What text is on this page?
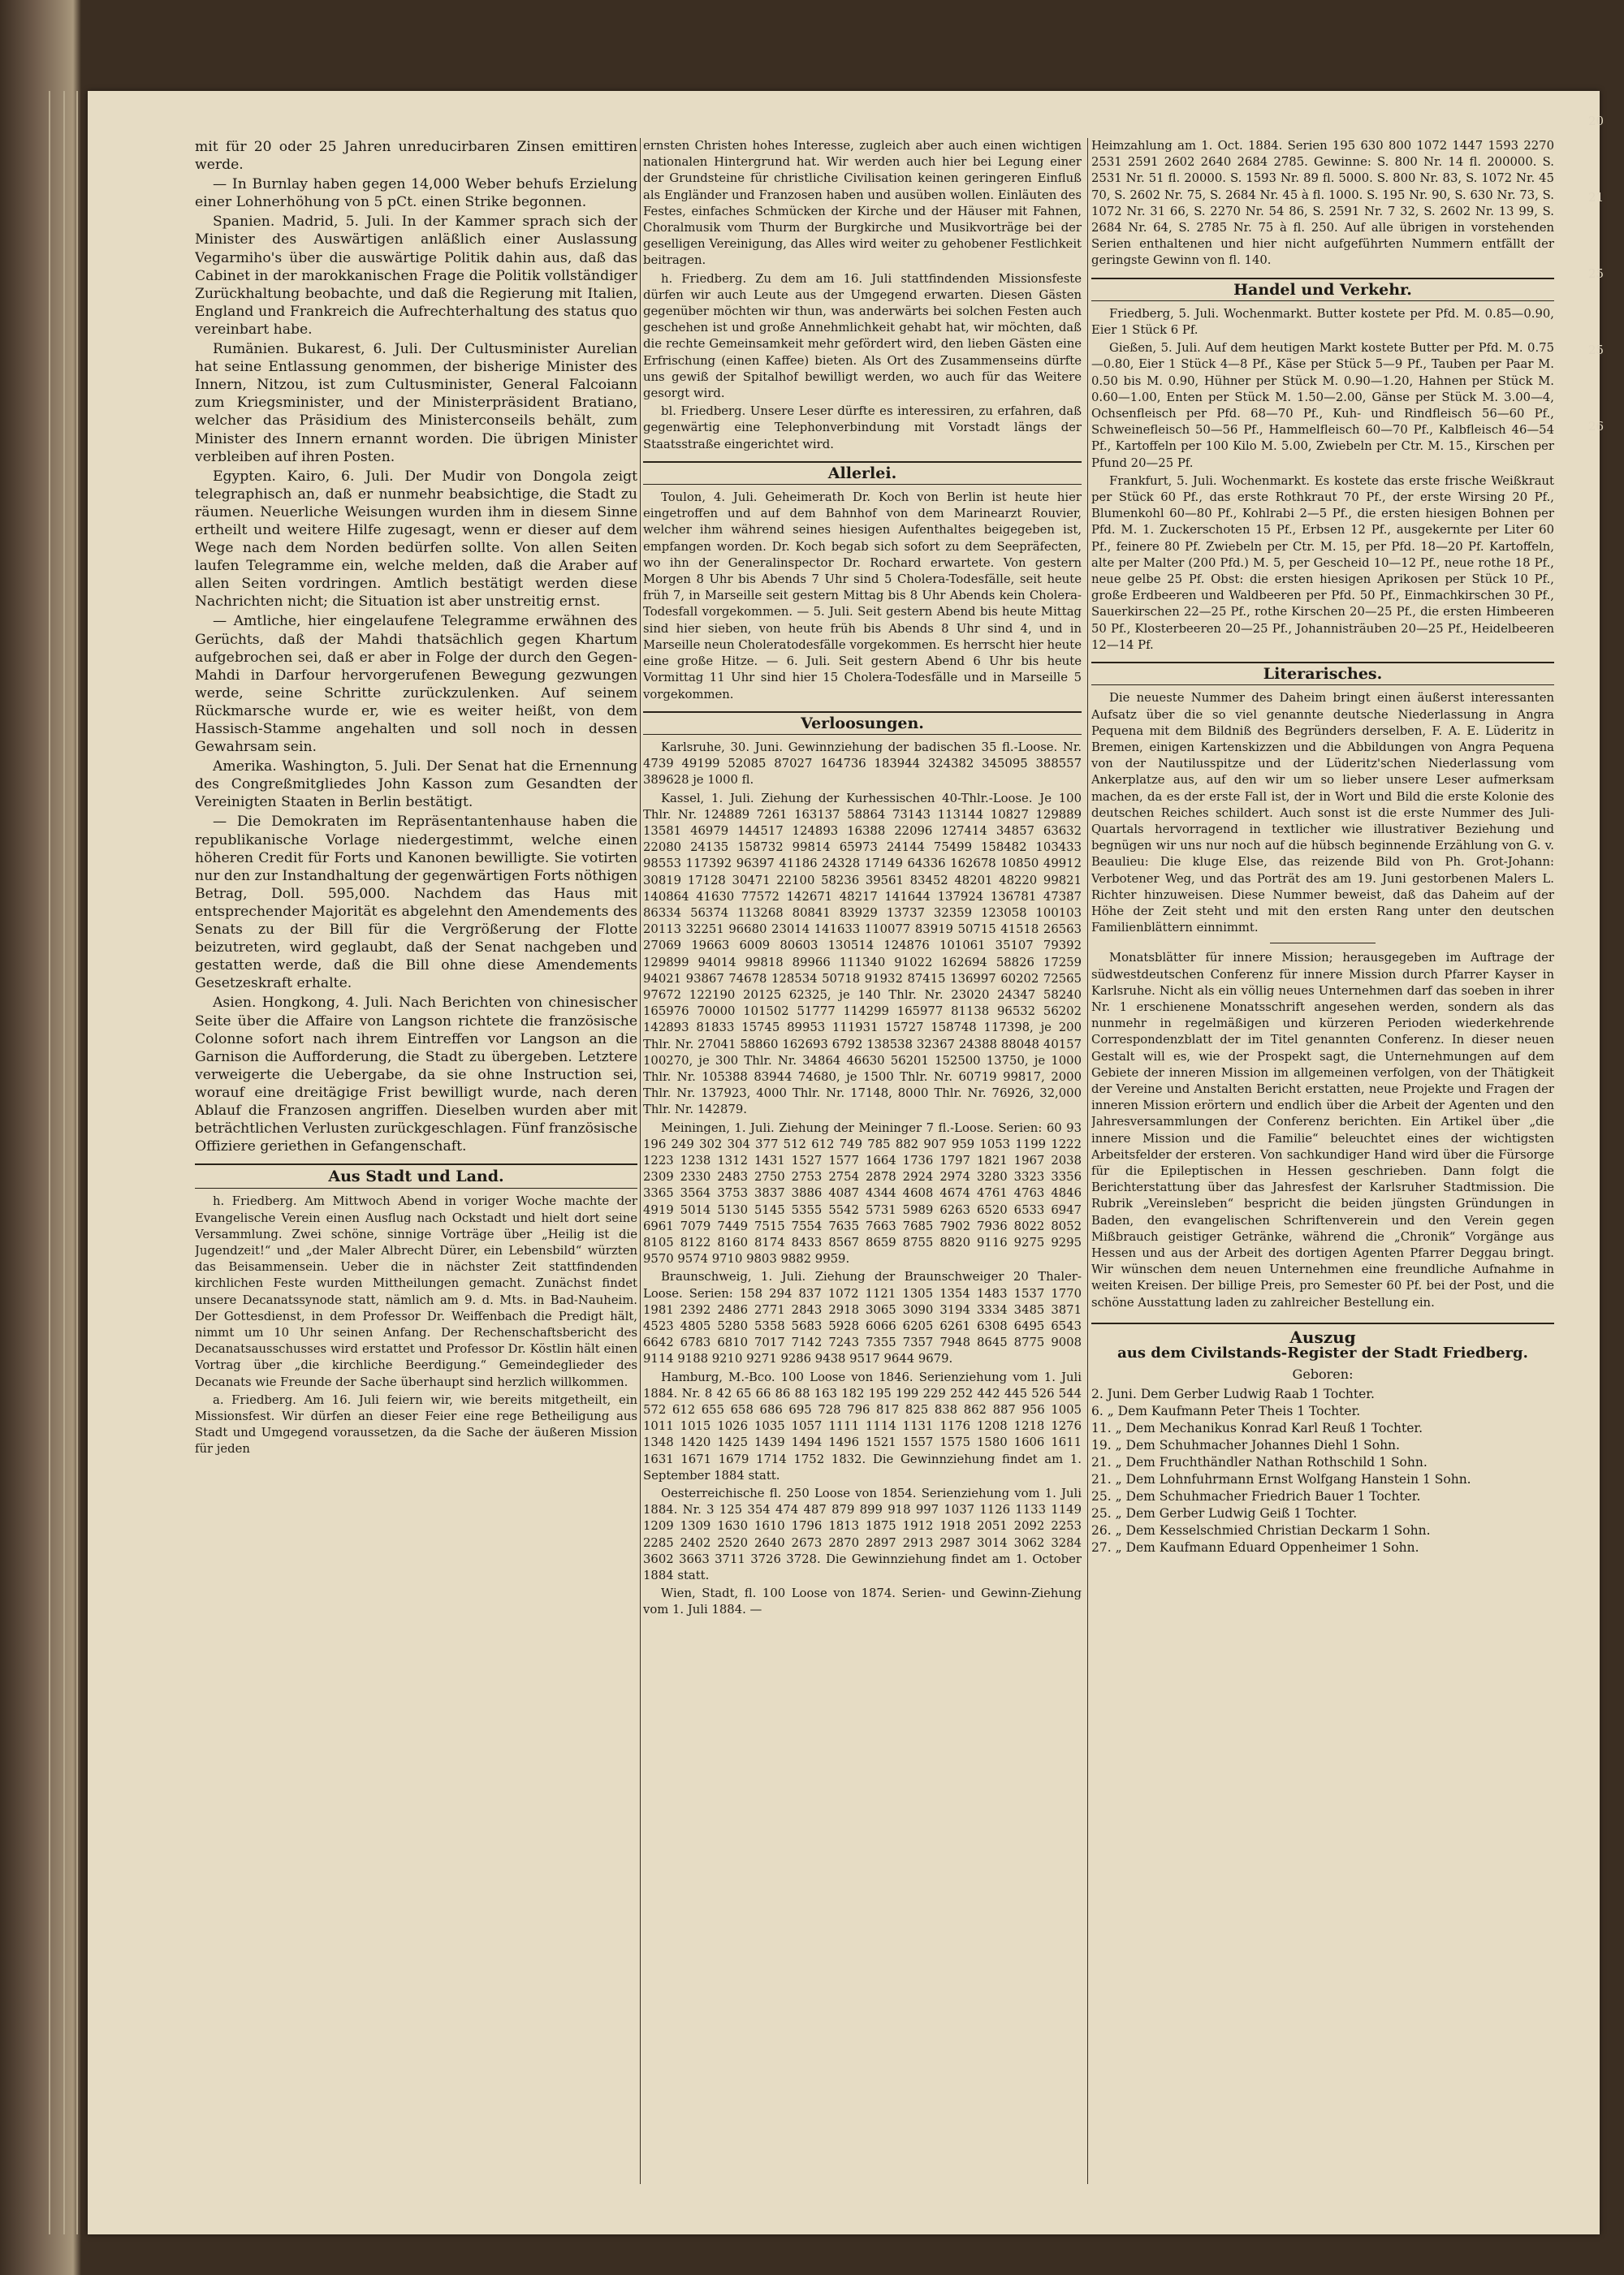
20
21
25
25
26

mit für 20 oder 25 Jahren unreducirbaren Zinsen emittiren werde.

— In Burnlay haben gegen 14,000 Weber behufs Erzielung einer Lohnerhöhung von 5 pCt. einen Strike begonnen.

Spanien. Madrid, 5. Juli. In der Kammer sprach sich der Minister des Auswärtigen anläßlich einer Auslassung Vegarmiho's über die auswärtige Politik dahin aus, daß das Cabinet in der marokkanischen Frage die Politik vollständiger Zurückhaltung beobachte, und daß die Regierung mit Italien, England und Frankreich die Aufrechterhaltung des status quo vereinbart habe.

Rumänien. Bukarest, 6. Juli. Der Cultusminister Aurelian hat seine Entlassung genommen, der bisherige Minister des Innern, Nitzou, ist zum Cultusminister, General Falcoiann zum Kriegsminister, und der Ministerpräsident Bratiano, welcher das Präsidium des Ministerconseils behält, zum Minister des Innern ernannt worden. Die übrigen Minister verbleiben auf ihren Posten.

Egypten. Kairo, 6. Juli. Der Mudir von Dongola zeigt telegraphisch an, daß er nunmehr beabsichtige, die Stadt zu räumen. Neuerliche Weisungen wurden ihm in diesem Sinne ertheilt und weitere Hilfe zugesagt, wenn er dieser auf dem Wege nach dem Norden bedürfen sollte. Von allen Seiten laufen Telegramme ein, welche melden, daß die Araber auf allen Seiten vordringen. Amtlich bestätigt werden diese Nachrichten nicht; die Situation ist aber unstreitig ernst.

— Amtliche, hier eingelaufene Telegramme erwähnen des Gerüchts, daß der Mahdi thatsächlich gegen Khartum aufgebrochen sei, daß er aber in Folge der durch den Gegen-Mahdi in Darfour hervorgerufenen Bewegung gezwungen werde, seine Schritte zurückzulenken. Auf seinem Rückmarsche wurde er, wie es weiter heißt, von dem Hassisch-Stamme angehalten und soll noch in dessen Gewahrsam sein.

Amerika. Washington, 5. Juli. Der Senat hat die Ernennung des Congreßmitgliedes John Kasson zum Gesandten der Vereinigten Staaten in Berlin bestätigt.

— Die Demokraten im Repräsentantenhause haben die republikanische Vorlage niedergestimmt, welche einen höheren Credit für Forts und Kanonen bewilligte. Sie votirten nur den zur Instandhaltung der gegenwärtigen Forts nöthigen Betrag, Doll. 595,000. Nachdem das Haus mit entsprechender Majorität es abgelehnt den Amendements des Senats zu der Bill für die Vergrößerung der Flotte beizutreten, wird geglaubt, daß der Senat nachgeben und gestatten werde, daß die Bill ohne diese Amendements Gesetzeskraft erhalte.

Asien. Hongkong, 4. Juli. Nach Berichten von chinesischer Seite über die Affaire von Langson richtete die französische Colonne sofort nach ihrem Eintreffen vor Langson an die Garnison die Aufforderung, die Stadt zu übergeben. Letztere verweigerte die Uebergabe, da sie ohne Instruction sei, worauf eine dreitägige Frist bewilligt wurde, nach deren Ablauf die Franzosen angriffen. Dieselben wurden aber mit beträchtlichen Verlusten zurückgeschlagen. Fünf französische Offiziere geriethen in Gefangenschaft.

Aus Stadt und Land.

h. Friedberg. Am Mittwoch Abend in voriger Woche machte der Evangelische Verein einen Ausflug nach Ockstadt und hielt dort seine Versammlung. Zwei schöne, sinnige Vorträge über „Heilig ist die Jugendzeit!“ und „der Maler Albrecht Dürer, ein Lebensbild“ würzten das Beisammensein. Ueber die in nächster Zeit stattfindenden kirchlichen Feste wurden Mittheilungen gemacht. Zunächst findet unsere Decanatssynode statt, nämlich am 9. d. Mts. in Bad-Nauheim. Der Gottesdienst, in dem Professor Dr. Weiffenbach die Predigt hält, nimmt um 10 Uhr seinen Anfang. Der Rechenschaftsbericht des Decanatsausschusses wird erstattet und Professor Dr. Köstlin hält einen Vortrag über „die kirchliche Beerdigung.“ Gemeindeglieder des Decanats wie Freunde der Sache überhaupt sind herzlich willkommen.

a. Friedberg. Am 16. Juli feiern wir, wie bereits mitgetheilt, ein Missionsfest. Wir dürfen an dieser Feier eine rege Betheiligung aus Stadt und Umgegend voraussetzen, da die Sache der äußeren Mission für jeden

ernsten Christen hohes Interesse, zugleich aber auch einen wichtigen nationalen Hintergrund hat. Wir werden auch hier bei Legung einer der Grundsteine für christliche Civilisation keinen geringeren Einfluß als Engländer und Franzosen haben und ausüben wollen. Einläuten des Festes, einfaches Schmücken der Kirche und der Häuser mit Fahnen, Choralmusik vom Thurm der Burgkirche und Musikvorträge bei der geselligen Vereinigung, das Alles wird weiter zu gehobener Festlichkeit beitragen.

h. Friedberg. Zu dem am 16. Juli stattfindenden Missionsfeste dürfen wir auch Leute aus der Umgegend erwarten. Diesen Gästen gegenüber möchten wir thun, was anderwärts bei solchen Festen auch geschehen ist und große Annehmlichkeit gehabt hat, wir möchten, daß die rechte Gemeinsamkeit mehr gefördert wird, den lieben Gästen eine Erfrischung (einen Kaffee) bieten. Als Ort des Zusammenseins dürfte uns gewiß der Spitalhof bewilligt werden, wo auch für das Weitere gesorgt wird.

bl. Friedberg. Unsere Leser dürfte es interessiren, zu erfahren, daß gegenwärtig eine Telephonverbindung mit Vorstadt längs der Staatsstraße eingerichtet wird.

Allerlei.

Toulon, 4. Juli. Geheimerath Dr. Koch von Berlin ist heute hier eingetroffen und auf dem Bahnhof von dem Marinearzt Rouvier, welcher ihm während seines hiesigen Aufenthaltes beigegeben ist, empfangen worden. Dr. Koch begab sich sofort zu dem Seepräfecten, wo ihn der Generalinspector Dr. Rochard erwartete. Von gestern Morgen 8 Uhr bis Abends 7 Uhr sind 5 Cholera-Todesfälle, seit heute früh 7, in Marseille seit gestern Mittag bis 8 Uhr Abends kein Cholera-Todesfall vorgekommen. — 5. Juli. Seit gestern Abend bis heute Mittag sind hier sieben, von heute früh bis Abends 8 Uhr sind 4, und in Marseille neun Choleratodesfälle vorgekommen. Es herrscht hier heute eine große Hitze. — 6. Juli. Seit gestern Abend 6 Uhr bis heute Vormittag 11 Uhr sind hier 15 Cholera-Todesfälle und in Marseille 5 vorgekommen.

Verloosungen.

Karlsruhe, 30. Juni. Gewinnziehung der badischen 35 fl.-Loose. Nr. 4739 49199 52085 87027 164736 183944 324382 345095 388557 389628 je 1000 fl.

Kassel, 1. Juli. Ziehung der Kurhessischen 40-Thlr.-Loose. Je 100 Thlr. Nr. 124889 7261 163137 58864 73143 113144 10827 129889 13581 46979 144517 124893 16388 22096 127414 34857 63632 22080 24135 158732 99814 65973 24144 75499 158482 103433 98553 117392 96397 41186 24328 17149 64336 162678 10850 49912 30819 17128 30471 22100 58236 39561 83452 48201 48220 99821 140864 41630 77572 142671 48217 141644 137924 136781 47387 86334 56374 113268 80841 83929 13737 32359 123058 100103 20113 32251 96680 23014 141633 110077 83919 50715 41518 26563 27069 19663 6009 80603 130514 124876 101061 35107 79392 129899 94014 99818 89966 111340 91022 162694 58826 17259 94021 93867 74678 128534 50718 91932 87415 136997 60202 72565 97672 122190 20125 62325, je 140 Thlr. Nr. 23020 24347 58240 165976 70000 101502 51777 114299 165977 81138 96532 56202 142893 81833 15745 89953 111931 15727 158748 117398, je 200 Thlr. Nr. 27041 58860 162693 6792 138538 32367 24388 88048 40157 100270, je 300 Thlr. Nr. 34864 46630 56201 152500 13750, je 1000 Thlr. Nr. 105388 83944 74680, je 1500 Thlr. Nr. 60719 99817, 2000 Thlr. Nr. 137923, 4000 Thlr. Nr. 17148, 8000 Thlr. Nr. 76926, 32,000 Thlr. Nr. 142879.

Meiningen, 1. Juli. Ziehung der Meininger 7 fl.-Loose. Serien: 60 93 196 249 302 304 377 512 612 749 785 882 907 959 1053 1199 1222 1223 1238 1312 1431 1527 1577 1664 1736 1797 1821 1967 2038 2309 2330 2483 2750 2753 2754 2878 2924 2974 3280 3323 3356 3365 3564 3753 3837 3886 4087 4344 4608 4674 4761 4763 4846 4919 5014 5130 5145 5355 5542 5731 5989 6263 6520 6533 6947 6961 7079 7449 7515 7554 7635 7663 7685 7902 7936 8022 8052 8105 8122 8160 8174 8433 8567 8659 8755 8820 9116 9275 9295 9570 9574 9710 9803 9882 9959.

Braunschweig, 1. Juli. Ziehung der Braunschweiger 20 Thaler-Loose. Serien: 158 294 837 1072 1121 1305 1354 1483 1537 1770 1981 2392 2486 2771 2843 2918 3065 3090 3194 3334 3485 3871 4523 4805 5280 5358 5683 5928 6066 6205 6261 6308 6495 6543 6642 6783 6810 7017 7142 7243 7355 7357 7948 8645 8775 9008 9114 9188 9210 9271 9286 9438 9517 9644 9679.

Hamburg, M.-Bco. 100 Loose von 1846. Serienziehung vom 1. Juli 1884. Nr. 8 42 65 66 86 88 163 182 195 199 229 252 442 445 526 544 572 612 655 658 686 695 728 796 817 825 838 862 887 956 1005 1011 1015 1026 1035 1057 1111 1114 1131 1176 1208 1218 1276 1348 1420 1425 1439 1494 1496 1521 1557 1575 1580 1606 1611 1631 1671 1679 1714 1752 1832. Die Gewinnziehung findet am 1. September 1884 statt.

Oesterreichische fl. 250 Loose von 1854. Serienziehung vom 1. Juli 1884. Nr. 3 125 354 474 487 879 899 918 997 1037 1126 1133 1149 1209 1309 1630 1610 1796 1813 1875 1912 1918 2051 2092 2253 2285 2402 2520 2640 2673 2870 2897 2913 2987 3014 3062 3284 3602 3663 3711 3726 3728. Die Gewinnziehung findet am 1. October 1884 statt.

Wien, Stadt, fl. 100 Loose von 1874. Serien- und Gewinn-Ziehung vom 1. Juli 1884. —

Heimzahlung am 1. Oct. 1884. Serien 195 630 800 1072 1447 1593 2270 2531 2591 2602 2640 2684 2785. Gewinne: S. 800 Nr. 14 fl. 200000. S. 2531 Nr. 51 fl. 20000. S. 1593 Nr. 89 fl. 5000. S. 800 Nr. 83, S. 1072 Nr. 45 70, S. 2602 Nr. 75, S. 2684 Nr. 45 à fl. 1000. S. 195 Nr. 90, S. 630 Nr. 73, S. 1072 Nr. 31 66, S. 2270 Nr. 54 86, S. 2591 Nr. 7 32, S. 2602 Nr. 13 99, S. 2684 Nr. 64, S. 2785 Nr. 75 à fl. 250. Auf alle übrigen in vorstehenden Serien enthaltenen und hier nicht aufgeführten Nummern entfällt der geringste Gewinn von fl. 140.

Handel und Verkehr.

Friedberg, 5. Juli. Wochenmarkt. Butter kostete per Pfd. M. 0.85—0.90, Eier 1 Stück 6 Pf.

Gießen, 5. Juli. Auf dem heutigen Markt kostete Butter per Pfd. M. 0.75—0.80, Eier 1 Stück 4—8 Pf., Käse per Stück 5—9 Pf., Tauben per Paar M. 0.50 bis M. 0.90, Hühner per Stück M. 0.90—1.20, Hahnen per Stück M. 0.60—1.00, Enten per Stück M. 1.50—2.00, Gänse per Stück M. 3.00—4, Ochsenfleisch per Pfd. 68—70 Pf., Kuh- und Rindfleisch 56—60 Pf., Schweinefleisch 50—56 Pf., Hammelfleisch 60—70 Pf., Kalbfleisch 46—54 Pf., Kartoffeln per 100 Kilo M. 5.00, Zwiebeln per Ctr. M. 15., Kirschen per Pfund 20—25 Pf.

Frankfurt, 5. Juli. Wochenmarkt. Es kostete das erste frische Weißkraut per Stück 60 Pf., das erste Rothkraut 70 Pf., der erste Wirsing 20 Pf., Blumenkohl 60—80 Pf., Kohlrabi 2—5 Pf., die ersten hiesigen Bohnen per Pfd. M. 1. Zuckerschoten 15 Pf., Erbsen 12 Pf., ausgekernte per Liter 60 Pf., feinere 80 Pf. Zwiebeln per Ctr. M. 15, per Pfd. 18—20 Pf. Kartoffeln, alte per Malter (200 Pfd.) M. 5, per Gescheid 10—12 Pf., neue rothe 18 Pf., neue gelbe 25 Pf. Obst: die ersten hiesigen Aprikosen per Stück 10 Pf., große Erdbeeren und Waldbeeren per Pfd. 50 Pf., Einmachkirschen 30 Pf., Sauerkirschen 22—25 Pf., rothe Kirschen 20—25 Pf., die ersten Himbeeren 50 Pf., Klosterbeeren 20—25 Pf., Johannisträuben 20—25 Pf., Heidelbeeren 12—14 Pf.

Literarisches.

Die neueste Nummer des Daheim bringt einen äußerst interessanten Aufsatz über die so viel genannte deutsche Niederlassung in Angra Pequena mit dem Bildniß des Begründers derselben, F. A. E. Lüderitz in Bremen, einigen Kartenskizzen und die Abbildungen von Angra Pequena von der Nautilusspitze und der Lüderitz'schen Niederlassung vom Ankerplatze aus, auf den wir um so lieber unsere Leser aufmerksam machen, da es der erste Fall ist, der in Wort und Bild die erste Kolonie des deutschen Reiches schildert. Auch sonst ist die erste Nummer des Juli-Quartals hervorragend in textlicher wie illustrativer Beziehung und begnügen wir uns nur noch auf die hübsch beginnende Erzählung von G. v. Beaulieu: Die kluge Else, das reizende Bild von Ph. Grot-Johann: Verbotener Weg, und das Porträt des am 19. Juni gestorbenen Malers L. Richter hinzuweisen. Diese Nummer beweist, daß das Daheim auf der Höhe der Zeit steht und mit den ersten Rang unter den deutschen Familienblättern einnimmt.

Monatsblätter für innere Mission; herausgegeben im Auftrage der südwestdeutschen Conferenz für innere Mission durch Pfarrer Kayser in Karlsruhe. Nicht als ein völlig neues Unternehmen darf das soeben in ihrer Nr. 1 erschienene Monatsschrift angesehen werden, sondern als das nunmehr in regelmäßigen und kürzeren Perioden wiederkehrende Correspondenzblatt der im Titel genannten Conferenz. In dieser neuen Gestalt will es, wie der Prospekt sagt, die Unternehmungen auf dem Gebiete der inneren Mission im allgemeinen verfolgen, von der Thätigkeit der Vereine und Anstalten Bericht erstatten, neue Projekte und Fragen der inneren Mission erörtern und endlich über die Arbeit der Agenten und den Jahresversammlungen der Conferenz berichten. Ein Artikel über „die innere Mission und die Familie“ beleuchtet eines der wichtigsten Arbeitsfelder der ersteren. Von sachkundiger Hand wird über die Fürsorge für die Epileptischen in Hessen geschrieben. Dann folgt die Berichterstattung über das Jahresfest der Karlsruher Stadtmission. Die Rubrik „Vereinsleben“ bespricht die beiden jüngsten Gründungen in Baden, den evangelischen Schriftenverein und den Verein gegen Mißbrauch geistiger Getränke, während die „Chronik“ Vorgänge aus Hessen und aus der Arbeit des dortigen Agenten Pfarrer Deggau bringt. Wir wünschen dem neuen Unternehmen eine freundliche Aufnahme in weiten Kreisen. Der billige Preis, pro Semester 60 Pf. bei der Post, und die schöne Ausstattung laden zu zahlreicher Bestellung ein.

Auszug
aus dem Civilstands-Register der Stadt Friedberg.
Geboren:
2. Juni. Dem Gerber Ludwig Raab 1 Tochter.
6. „ Dem Kaufmann Peter Theis 1 Tochter.
11. „ Dem Mechanikus Konrad Karl Reuß 1 Tochter.
19. „ Dem Schuhmacher Johannes Diehl 1 Sohn.
21. „ Dem Fruchthändler Nathan Rothschild 1 Sohn.
21. „ Dem Lohnfuhrmann Ernst Wolfgang Hanstein 1 Sohn.
25. „ Dem Schuhmacher Friedrich Bauer 1 Tochter.
25. „ Dem Gerber Ludwig Geiß 1 Tochter.
26. „ Dem Kesselschmied Christian Deckarm 1 Sohn.
27. „ Dem Kaufmann Eduard Oppenheimer 1 Sohn.
